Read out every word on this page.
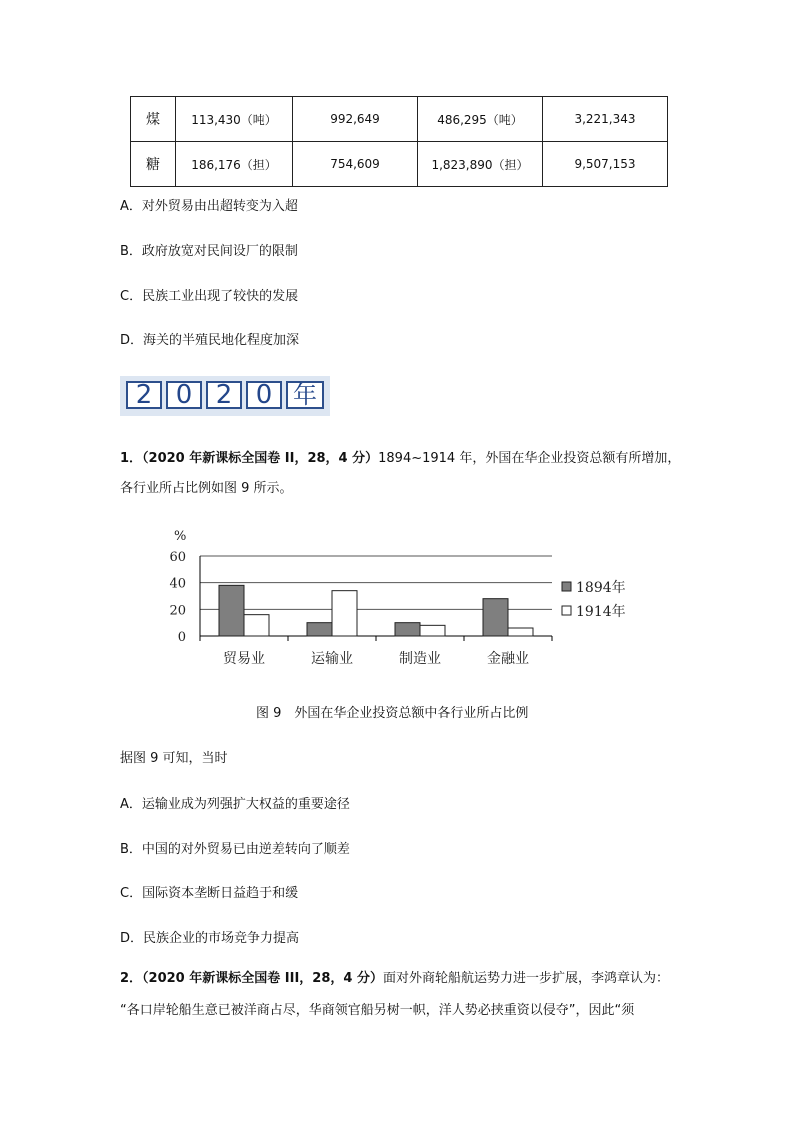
煤	113,430（吨）	992,649	486,295（吨）	3,221,343
糖	186,176（担）	754,609	1,823,890（担）	9,507,153
A．对外贸易由出超转变为入超
B．政府放宽对民间设厂的限制
C．民族工业出现了较快的发展
D．海关的半殖民地化程度加深
2 0 2 0 年
1．（2020 年新课标全国卷 II，28，4 分）1894~1914 年，外国在华企业投资总额有所增加，
各行业所占比例如图 9 所示。
%
0
20
40
60
贸易业	运输业	制造业	金融业
1894年
1914年
图 9　外国在华企业投资总额中各行业所占比例
据图 9 可知，当时
A．运输业成为列强扩大权益的重要途径
B．中国的对外贸易已由逆差转向了顺差
C．国际资本垄断日益趋于和缓
D．民族企业的市场竞争力提高
2．（2020 年新课标全国卷 III，28，4 分）面对外商轮船航运势力进一步扩展，李鸿章认为：
“各口岸轮船生意已被洋商占尽，华商领官船另树一帜，洋人势必挟重资以侵夺”，因此“须
